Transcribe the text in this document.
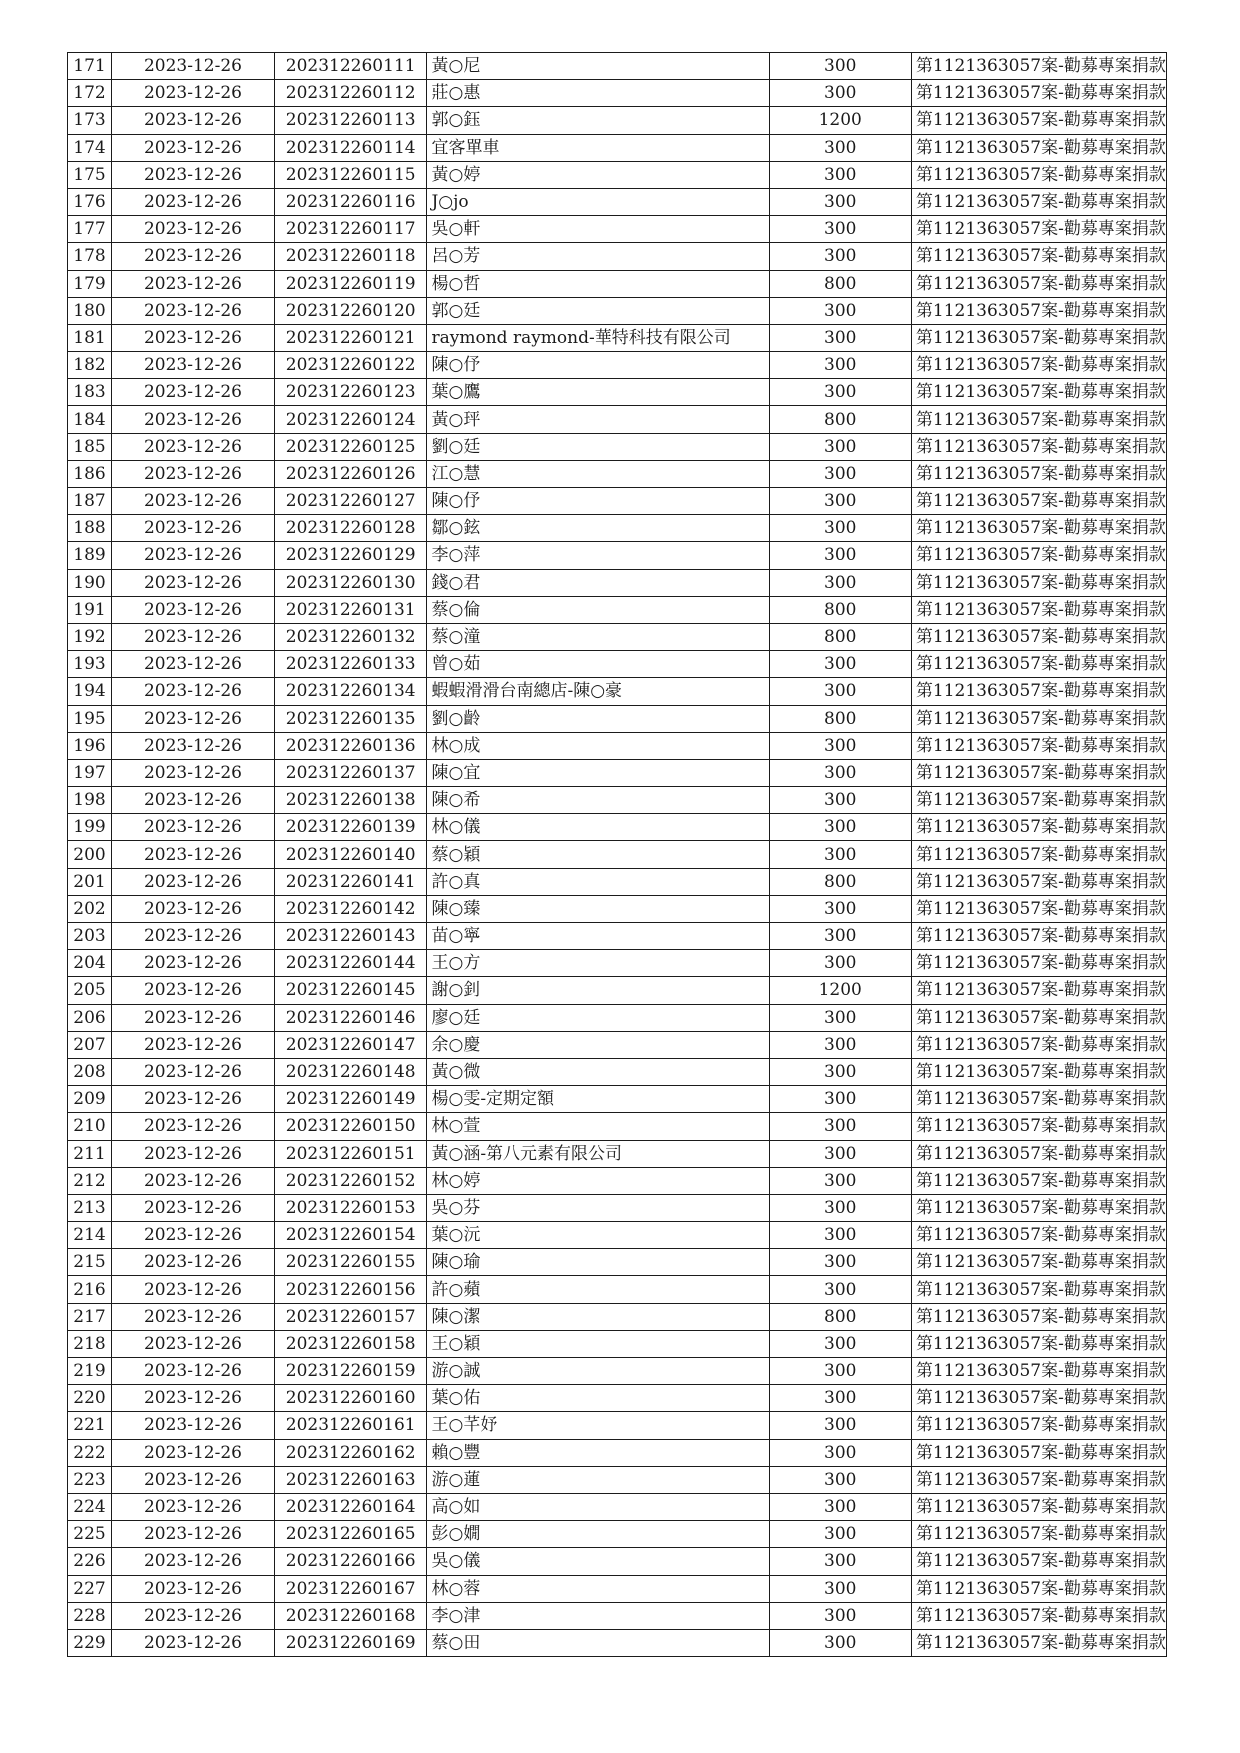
171	2023-12-26	202312260111	黃○尼	300	第1121363057案-勸募專案捐款
172	2023-12-26	202312260112	莊○惠	300	第1121363057案-勸募專案捐款
173	2023-12-26	202312260113	郭○鈺	1200	第1121363057案-勸募專案捐款
174	2023-12-26	202312260114	宜客單車	300	第1121363057案-勸募專案捐款
175	2023-12-26	202312260115	黃○婷	300	第1121363057案-勸募專案捐款
176	2023-12-26	202312260116	J○jo	300	第1121363057案-勸募專案捐款
177	2023-12-26	202312260117	吳○軒	300	第1121363057案-勸募專案捐款
178	2023-12-26	202312260118	呂○芳	300	第1121363057案-勸募專案捐款
179	2023-12-26	202312260119	楊○哲	800	第1121363057案-勸募專案捐款
180	2023-12-26	202312260120	郭○廷	300	第1121363057案-勸募專案捐款
181	2023-12-26	202312260121	raymond raymond-華特科技有限公司	300	第1121363057案-勸募專案捐款
182	2023-12-26	202312260122	陳○伃	300	第1121363057案-勸募專案捐款
183	2023-12-26	202312260123	葉○鷹	300	第1121363057案-勸募專案捐款
184	2023-12-26	202312260124	黃○玶	800	第1121363057案-勸募專案捐款
185	2023-12-26	202312260125	劉○廷	300	第1121363057案-勸募專案捐款
186	2023-12-26	202312260126	江○慧	300	第1121363057案-勸募專案捐款
187	2023-12-26	202312260127	陳○伃	300	第1121363057案-勸募專案捐款
188	2023-12-26	202312260128	鄒○鉉	300	第1121363057案-勸募專案捐款
189	2023-12-26	202312260129	李○萍	300	第1121363057案-勸募專案捐款
190	2023-12-26	202312260130	錢○君	300	第1121363057案-勸募專案捐款
191	2023-12-26	202312260131	蔡○倫	800	第1121363057案-勸募專案捐款
192	2023-12-26	202312260132	蔡○潼	800	第1121363057案-勸募專案捐款
193	2023-12-26	202312260133	曾○茹	300	第1121363057案-勸募專案捐款
194	2023-12-26	202312260134	蝦蝦滑滑台南總店-陳○豪	300	第1121363057案-勸募專案捐款
195	2023-12-26	202312260135	劉○齡	800	第1121363057案-勸募專案捐款
196	2023-12-26	202312260136	林○成	300	第1121363057案-勸募專案捐款
197	2023-12-26	202312260137	陳○宜	300	第1121363057案-勸募專案捐款
198	2023-12-26	202312260138	陳○希	300	第1121363057案-勸募專案捐款
199	2023-12-26	202312260139	林○儀	300	第1121363057案-勸募專案捐款
200	2023-12-26	202312260140	蔡○穎	300	第1121363057案-勸募專案捐款
201	2023-12-26	202312260141	許○真	800	第1121363057案-勸募專案捐款
202	2023-12-26	202312260142	陳○臻	300	第1121363057案-勸募專案捐款
203	2023-12-26	202312260143	苗○寧	300	第1121363057案-勸募專案捐款
204	2023-12-26	202312260144	王○方	300	第1121363057案-勸募專案捐款
205	2023-12-26	202312260145	謝○釗	1200	第1121363057案-勸募專案捐款
206	2023-12-26	202312260146	廖○廷	300	第1121363057案-勸募專案捐款
207	2023-12-26	202312260147	余○慶	300	第1121363057案-勸募專案捐款
208	2023-12-26	202312260148	黃○微	300	第1121363057案-勸募專案捐款
209	2023-12-26	202312260149	楊○雯-定期定額	300	第1121363057案-勸募專案捐款
210	2023-12-26	202312260150	林○萱	300	第1121363057案-勸募專案捐款
211	2023-12-26	202312260151	黃○涵-第八元素有限公司	300	第1121363057案-勸募專案捐款
212	2023-12-26	202312260152	林○婷	300	第1121363057案-勸募專案捐款
213	2023-12-26	202312260153	吳○芬	300	第1121363057案-勸募專案捐款
214	2023-12-26	202312260154	葉○沅	300	第1121363057案-勸募專案捐款
215	2023-12-26	202312260155	陳○瑜	300	第1121363057案-勸募專案捐款
216	2023-12-26	202312260156	許○蘋	300	第1121363057案-勸募專案捐款
217	2023-12-26	202312260157	陳○潔	800	第1121363057案-勸募專案捐款
218	2023-12-26	202312260158	王○穎	300	第1121363057案-勸募專案捐款
219	2023-12-26	202312260159	游○誠	300	第1121363057案-勸募專案捐款
220	2023-12-26	202312260160	葉○佑	300	第1121363057案-勸募專案捐款
221	2023-12-26	202312260161	王○芊妤	300	第1121363057案-勸募專案捐款
222	2023-12-26	202312260162	賴○豐	300	第1121363057案-勸募專案捐款
223	2023-12-26	202312260163	游○蓮	300	第1121363057案-勸募專案捐款
224	2023-12-26	202312260164	高○如	300	第1121363057案-勸募專案捐款
225	2023-12-26	202312260165	彭○嫺	300	第1121363057案-勸募專案捐款
226	2023-12-26	202312260166	吳○儀	300	第1121363057案-勸募專案捐款
227	2023-12-26	202312260167	林○蓉	300	第1121363057案-勸募專案捐款
228	2023-12-26	202312260168	李○津	300	第1121363057案-勸募專案捐款
229	2023-12-26	202312260169	蔡○田	300	第1121363057案-勸募專案捐款
